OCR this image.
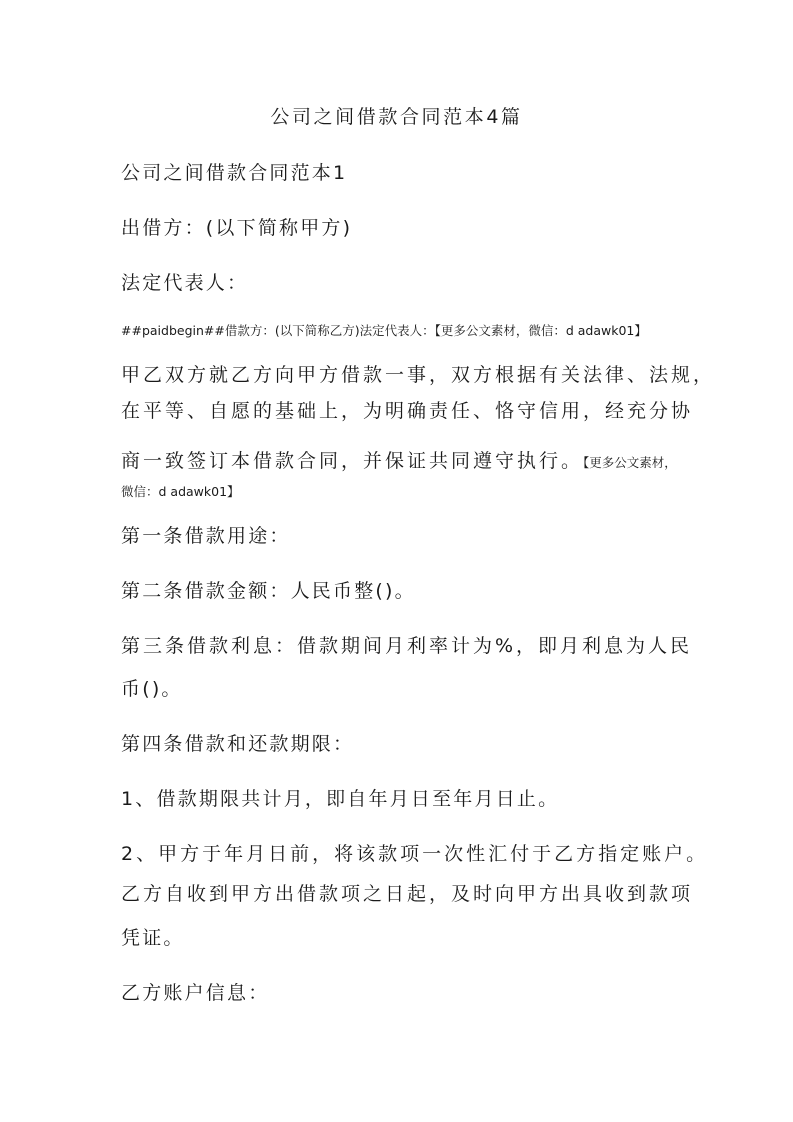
公司之间借款合同范本4篇
公司之间借款合同范本1
出借方：(以下简称甲方)
法定代表人：
##paidbegin##借款方：(以下简称乙方)法定代表人：【更多公文素材，微信：d adawk01】
甲乙双方就乙方向甲方借款一事，双方根据有关法律、法规，
在平等、自愿的基础上，为明确责任、恪守信用，经充分协
商一致签订本借款合同，并保证共同遵守执行。【更多公文素材，
微信：d adawk01】
第一条借款用途：
第二条借款金额：人民币整()。
第三条借款利息：借款期间月利率计为%，即月利息为人民
币()。
第四条借款和还款期限：
1、借款期限共计月，即自年月日至年月日止。
2、甲方于年月日前，将该款项一次性汇付于乙方指定账户。
乙方自收到甲方出借款项之日起，及时向甲方出具收到款项
凭证。
乙方账户信息：
